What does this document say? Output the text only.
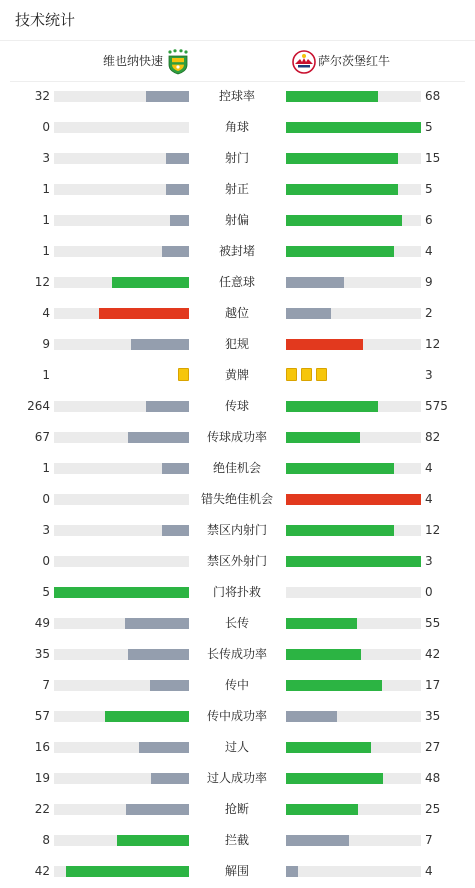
技术统计
维也纳快速	萨尔茨堡红牛
32	控球率	68
0	角球	5
3	射门	15
1	射正	5
1	射偏	6
1	被封堵	4
12	任意球	9
4	越位	2
9	犯规	12
1	黄牌	3
264	传球	575
67	传球成功率	82
1	绝佳机会	4
0	错失绝佳机会	4
3	禁区内射门	12
0	禁区外射门	3
5	门将扑救	0
49	长传	55
35	长传成功率	42
7	传中	17
57	传中成功率	35
16	过人	27
19	过人成功率	48
22	抢断	25
8	拦截	7
42	解围	4
